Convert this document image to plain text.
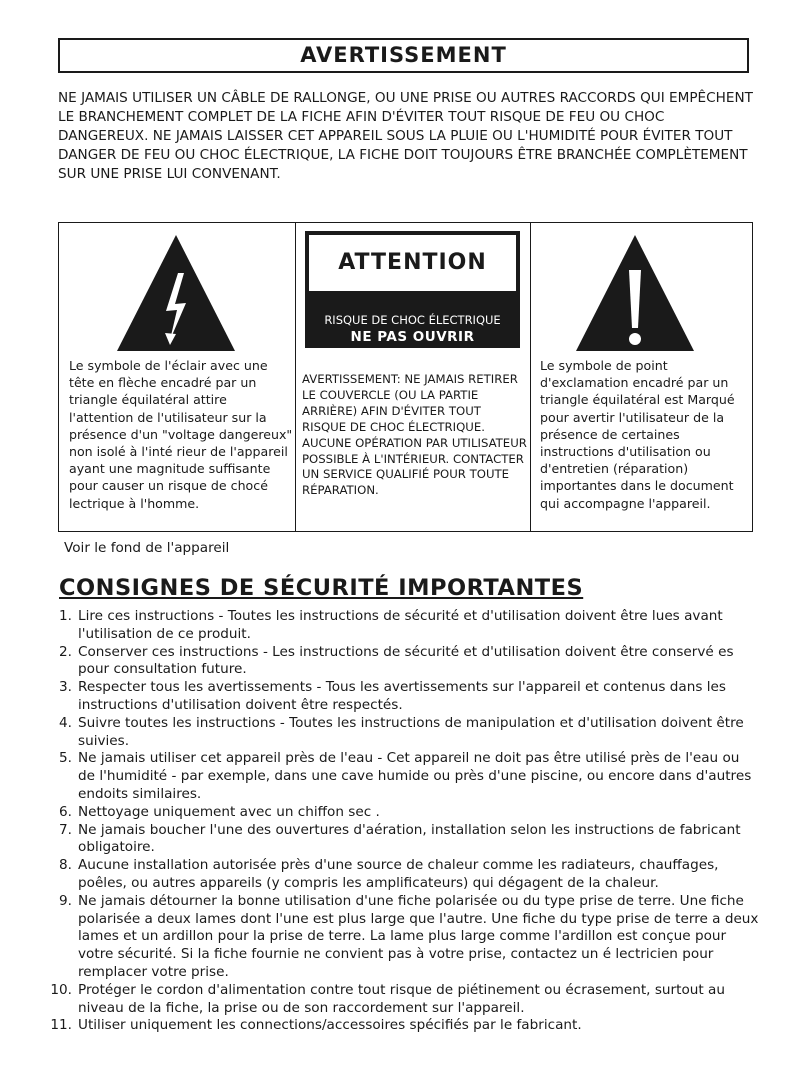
AVERTISSEMENT
NE JAMAIS UTILISER UN CÂBLE DE RALLONGE, OU UNE PRISE OU AUTRES RACCORDS QUI EMPÊCHENT LE BRANCHEMENT COMPLET DE LA FICHE AFIN D'ÉVITER TOUT RISQUE DE FEU OU CHOC DANGEREUX. NE JAMAIS LAISSER CET APPAREIL SOUS LA PLUIE OU L'HUMIDITÉ POUR ÉVITER TOUT DANGER DE FEU OU CHOC ÉLECTRIQUE, LA FICHE DOIT TOUJOURS ÊTRE BRANCHÉE COMPLÈTEMENT SUR UNE PRISE LUI CONVENANT.
Le symbole de l'éclair avec une tête en flèche encadré par un triangle équilatéral attire l'attention de l'utilisateur sur la présence d'un "voltage dangereux" non isolé à l'inté rieur de l'appareil ayant une magnitude suffisante pour causer un risque de chocé lectrique à l'homme.
ATTENTION
RISQUE DE CHOC ÉLECTRIQUE
NE PAS OUVRIR
AVERTISSEMENT: NE JAMAIS RETIRER LE COUVERCLE (OU LA PARTIE ARRIÈRE) AFIN D'ÉVITER TOUT RISQUE DE CHOC ÉLECTRIQUE. AUCUNE OPÉRATION PAR UTILISATEUR POSSIBLE À L'INTÉRIEUR. CONTACTER UN SERVICE QUALIFIÉ POUR TOUTE RÉPARATION.
Le symbole de point d'exclamation encadré par un triangle équilatéral est Marqué pour avertir l'utilisateur de la présence de certaines instructions d'utilisation ou d'entretien (réparation) importantes dans le document qui accompagne l'appareil.
Voir le fond de l'appareil
CONSIGNES DE SÉCURITÉ IMPORTANTES
1. Lire ces instructions - Toutes les instructions de sécurité et d'utilisation doivent être lues avant l'utilisation de ce produit.
2. Conserver ces instructions - Les instructions de sécurité et d'utilisation doivent être conservé es pour consultation future.
3. Respecter tous les avertissements - Tous les avertissements sur l'appareil et contenus dans les instructions d'utilisation doivent être respectés.
4. Suivre toutes les instructions - Toutes les instructions de manipulation et d'utilisation doivent être suivies.
5. Ne jamais utiliser cet appareil près de l'eau - Cet appareil ne doit pas être utilisé près de l'eau ou de l'humidité - par exemple, dans une cave humide ou près d'une piscine, ou encore dans d'autres endoits similaires.
6. Nettoyage uniquement avec un chiffon sec .
7. Ne jamais boucher l'une des ouvertures d'aération, installation selon les instructions de fabricant obligatoire.
8. Aucune installation autorisée près d'une source de chaleur comme les radiateurs, chauffages, poêles, ou autres appareils (y compris les amplificateurs) qui dégagent de la chaleur.
9. Ne jamais détourner la bonne utilisation d'une fiche polarisée ou du type prise de terre. Une fiche polarisée a deux lames dont l'une est plus large que l'autre. Une fiche du type prise de terre a deux lames et un ardillon pour la prise de terre. La lame plus large comme l'ardillon est conçue pour votre sécurité. Si la fiche fournie ne convient pas à votre prise, contactez un é lectricien pour remplacer votre prise.
10. Protéger le cordon d'alimentation contre tout risque de piétinement ou écrasement, surtout au niveau de la fiche, la prise ou de son raccordement sur l'appareil.
11. Utiliser uniquement les connections/accessoires spécifiés par le fabricant.
